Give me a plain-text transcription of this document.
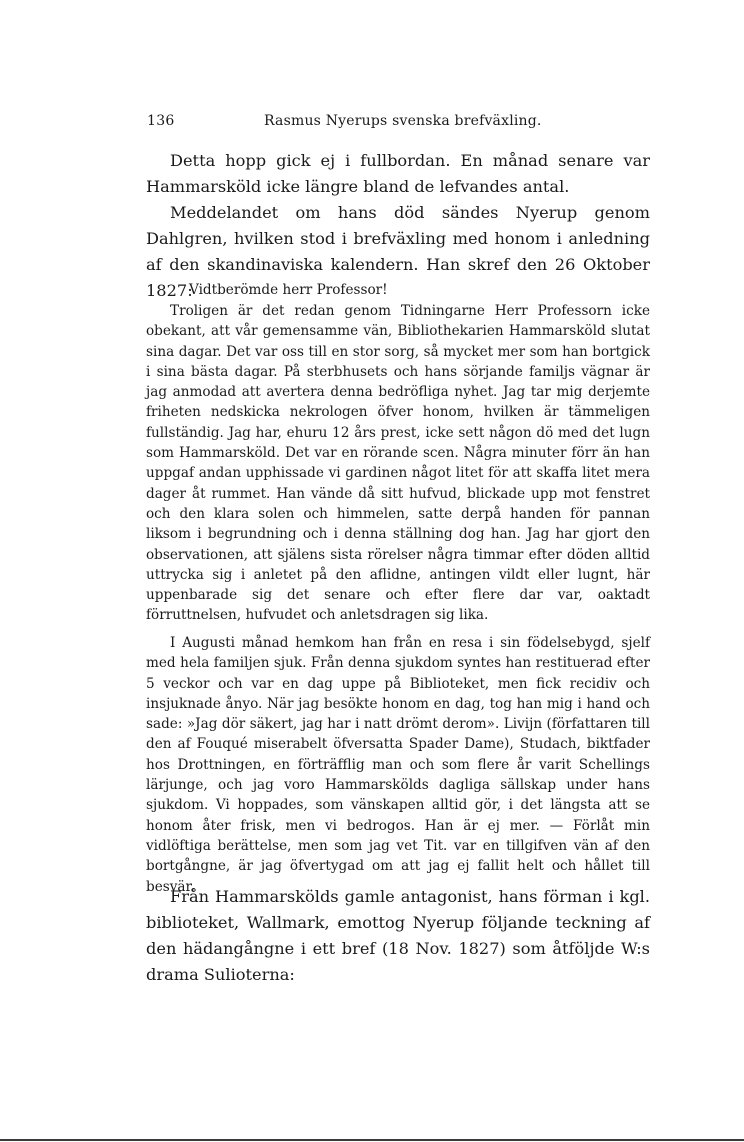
136	Rasmus Nyerups svenska brefväxling.

Detta hopp gick ej i fullbordan. En månad senare var Hammarsköld icke längre bland de lefvandes antal.

Meddelandet om hans död sändes Nyerup genom Dahlgren, hvilken stod i brefväxling med honom i anledning af den skandinaviska kalendern. Han skref den 26 Oktober 1827:

Vidtberömde herr Professor!

Troligen är det redan genom Tidningarne Herr Professorn icke obekant, att vår gemensamme vän, Bibliothekarien Hammarsköld slutat sina dagar. Det var oss till en stor sorg, så mycket mer som han bortgick i sina bästa dagar. På sterbhusets och hans sörjande familjs vägnar är jag anmodad att avertera denna bedröfliga nyhet. Jag tar mig derjemte friheten nedskicka nekrologen öfver honom, hvilken är tämmeligen fullständig. Jag har, ehuru 12 års prest, icke sett någon dö med det lugn som Hammarsköld. Det var en rörande scen. Några minuter förr än han uppgaf andan upphissade vi gardinen något litet för att skaffa litet mera dager åt rummet. Han vände då sitt hufvud, blickade upp mot fenstret och den klara solen och himmelen, satte derpå handen för pannan liksom i begrundning och i denna ställning dog han. Jag har gjort den observationen, att själens sista rörelser några timmar efter döden alltid uttrycka sig i anletet på den aflidne, antingen vildt eller lugnt, här uppenbarade sig det senare och efter flere dar var, oaktadt förruttnelsen, hufvudet och anletsdragen sig lika.

I Augusti månad hemkom han från en resa i sin födelsebygd, sjelf med hela familjen sjuk. Från denna sjukdom syntes han restituerad efter 5 veckor och var en dag uppe på Biblioteket, men fick recidiv och insjuknade ånyo. När jag besökte honom en dag, tog han mig i hand och sade: »Jag dör säkert, jag har i natt drömt derom». Livijn (författaren till den af Fouqué miserabelt öfversatta Spader Dame), Studach, biktfader hos Drottningen, en förträfflig man och som flere år varit Schellings lärjunge, och jag voro Hammarskölds dagliga sällskap under hans sjukdom. Vi hoppades, som vänskapen alltid gör, i det längsta att se honom åter frisk, men vi bedrogos. Han är ej mer. — Förlåt min vidlöftiga berättelse, men som jag vet Tit. var en tillgifven vän af den bortgångne, är jag öfvertygad om att jag ej fallit helt och hållet till besvär.

Från Hammarskölds gamle antagonist, hans förman i kgl. biblioteket, Wallmark, emottog Nyerup följande teckning af den hädangångne i ett bref (18 Nov. 1827) som åtföljde W:s drama Sulioterna:
